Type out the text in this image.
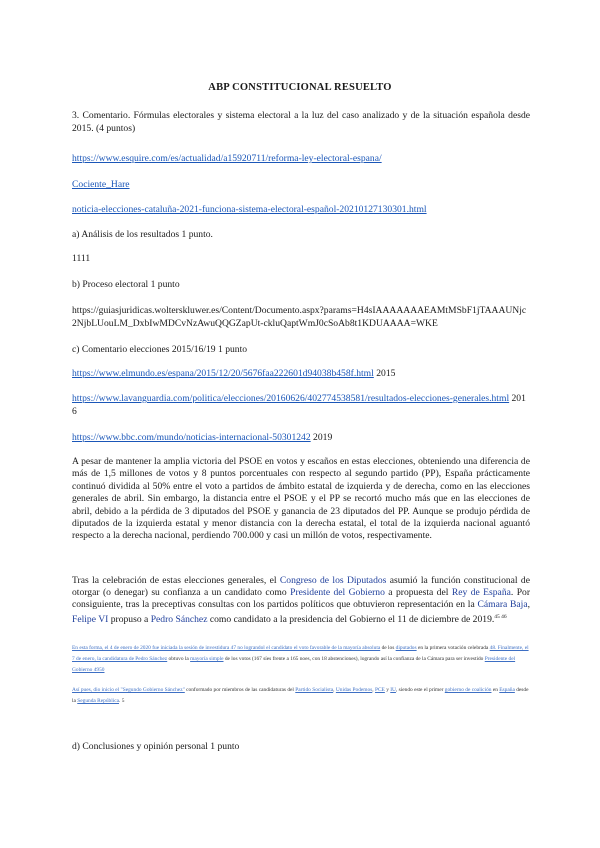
ABP CONSTITUCIONAL RESUELTO
3. Comentario. Fórmulas electorales y sistema electoral a la luz del caso analizado y de la situación española desde 2015. (4 puntos)
https://www.esquire.com/es/actualidad/a15920711/reforma-ley-electoral-espana/
Cociente_Hare
noticia-elecciones-cataluña-2021-funciona-sistema-electoral-español-20210127130301.html
a) Análisis de los resultados 1 punto.
1111
b) Proceso electoral 1 punto
https://guiasjuridicas.wolterskluwer.es/Content/Documento.aspx?params=H4sIAAAAAAAEAMtMSbF1jTAAAUNjc2NjbLUouLM_DxbIwMDCvNzAwuQQGZapUt-ckluQaptWmJ0cSoAb8t1KDUAAAA=WKE
c) Comentario elecciones 2015/16/19 1 punto
https://www.elmundo.es/espana/2015/12/20/5676faa222601d94038b458f.html 2015
https://www.lavanguardia.com/politica/elecciones/20160626/402774538581/resultados-elecciones-generales.html 2016
https://www.bbc.com/mundo/noticias-internacional-50301242 2019
A pesar de mantener la amplia victoria del PSOE en votos y escaños en estas elecciones, obteniendo una diferencia de más de 1,5 millones de votos y 8 puntos porcentuales con respecto al segundo partido (PP), España prácticamente continuó dividida al 50% entre el voto a partidos de ámbito estatal de izquierda y de derecha, como en las elecciones generales de abril. Sin embargo, la distancia entre el PSOE y el PP se recortó mucho más que en las elecciones de abril, debido a la pérdida de 3 diputados del PSOE y ganancia de 23 diputados del PP. Aunque se produjo pérdida de diputados de la izquierda estatal y menor distancia con la derecha estatal, el total de la izquierda nacional aguantó respecto a la derecha nacional, perdiendo 700.000 y casi un millón de votos, respectivamente.
Tras la celebración de estas elecciones generales, el Congreso de los Diputados asumió la función constitucional de otorgar (o denegar) su confianza a un candidato como Presidente del Gobierno a propuesta del Rey de España. Por consiguiente, tras la preceptivas consultas con los partidos políticos que obtuvieron representación en la Cámara Baja, Felipe VI propuso a Pedro Sánchez como candidato a la presidencia del Gobierno el 11 de diciembre de 2019.$^{45 46}$
En esta forma, el 4 de enero de 2020 fue iniciada la sesión de investidura 47 no lograndol el candidato el voto favorable de la mayoría absoluta de los diputados en la primera votación celebrada 48. Finalmente, el 7 de enero, la candidatura de Pedro Sánchez obtuvo la mayoría simple de los votos (167 síes frente a 165 noes, con 18 abstenciones), logrando así la confianza de la Cámara para ser investido Presidente del Gobierno 4950
Así pues, dio inicio el "Segundo Gobierno Sánchez" conformado por miembros de las candidaturas del Partido Socialista, Unidas Podemos, PCE y IU, siendo este el primer gobierno de coalición en España desde la Segunda República. 5
d) Conclusiones y opinión personal 1 punto
